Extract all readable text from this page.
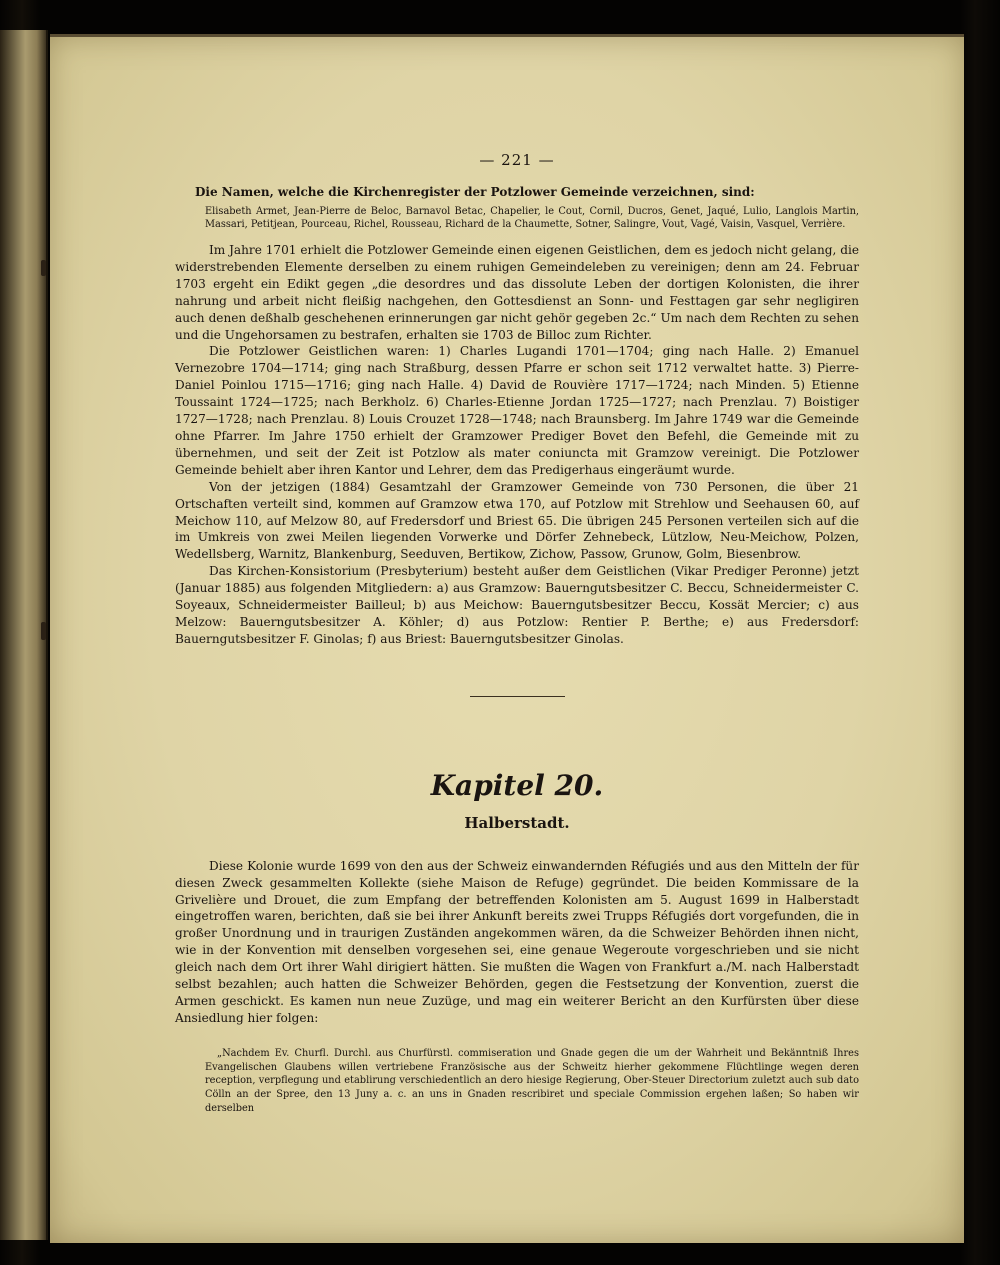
— 221 —

Die Namen, welche die Kirchenregister der Potzlower Gemeinde verzeichnen, sind:

Elisabeth Armet, Jean-Pierre de Beloc, Barnavol Betac, Chapelier, le Cout, Cornil, Ducros, Genet, Jaqué, Lulio, Langlois Martin, Massari, Petitjean, Pourceau, Richel, Rousseau, Richard de la Chaumette, Sotner, Salingre, Vout, Vagé, Vaisin, Vasquel, Verrière.

Im Jahre 1701 erhielt die Potzlower Gemeinde einen eigenen Geistlichen, dem es jedoch nicht gelang, die widerstrebenden Elemente derselben zu einem ruhigen Gemeindeleben zu vereinigen; denn am 24. Februar 1703 ergeht ein Edikt gegen „die desordres und das dissolute Leben der dortigen Kolonisten, die ihrer nahrung und arbeit nicht fleißig nachgehen, den Gottesdienst an Sonn- und Festtagen gar sehr negligiren auch denen deßhalb geschehenen erinnerungen gar nicht gehör gegeben 2c.“ Um nach dem Rechten zu sehen und die Ungehorsamen zu bestrafen, erhalten sie 1703 de Billoc zum Richter.

Die Potzlower Geistlichen waren: 1) Charles Lugandi 1701—1704; ging nach Halle. 2) Emanuel Vernezobre 1704—1714; ging nach Straßburg, dessen Pfarre er schon seit 1712 verwaltet hatte. 3) Pierre-Daniel Poinlou 1715—1716; ging nach Halle. 4) David de Rouvière 1717—1724; nach Minden. 5) Etienne Toussaint 1724—1725; nach Berkholz. 6) Charles-Etienne Jordan 1725—1727; nach Prenzlau. 7) Boistiger 1727—1728; nach Prenzlau. 8) Louis Crouzet 1728—1748; nach Braunsberg. Im Jahre 1749 war die Gemeinde ohne Pfarrer. Im Jahre 1750 erhielt der Gramzower Prediger Bovet den Befehl, die Gemeinde mit zu übernehmen, und seit der Zeit ist Potzlow als mater coniuncta mit Gramzow vereinigt. Die Potzlower Gemeinde behielt aber ihren Kantor und Lehrer, dem das Predigerhaus eingeräumt wurde.

Von der jetzigen (1884) Gesamtzahl der Gramzower Gemeinde von 730 Personen, die über 21 Ortschaften verteilt sind, kommen auf Gramzow etwa 170, auf Potzlow mit Strehlow und Seehausen 60, auf Meichow 110, auf Melzow 80, auf Fredersdorf und Briest 65. Die übrigen 245 Personen verteilen sich auf die im Umkreis von zwei Meilen liegenden Vorwerke und Dörfer Zehnebeck, Lützlow, Neu-Meichow, Polzen, Wedellsberg, Warnitz, Blankenburg, Seeduven, Bertikow, Zichow, Passow, Grunow, Golm, Biesenbrow.

Das Kirchen-Konsistorium (Presbyterium) besteht außer dem Geistlichen (Vikar Prediger Peronne) jetzt (Januar 1885) aus folgenden Mitgliedern: a) aus Gramzow: Bauerngutsbesitzer C. Beccu, Schneidermeister C. Soyeaux, Schneidermeister Bailleul; b) aus Meichow: Bauerngutsbesitzer Beccu, Kossät Mercier; c) aus Melzow: Bauerngutsbesitzer A. Köhler; d) aus Potzlow: Rentier P. Berthe; e) aus Fredersdorf: Bauerngutsbesitzer F. Ginolas; f) aus Briest: Bauerngutsbesitzer Ginolas.

Kapitel 20.
Halberstadt.

Diese Kolonie wurde 1699 von den aus der Schweiz einwandernden Réfugiés und aus den Mitteln der für diesen Zweck gesammelten Kollekte (siehe Maison de Refuge) gegründet. Die beiden Kommissare de la Grivelière und Drouet, die zum Empfang der betreffenden Kolonisten am 5. August 1699 in Halberstadt eingetroffen waren, berichten, daß sie bei ihrer Ankunft bereits zwei Trupps Réfugiés dort vorgefunden, die in großer Unordnung und in traurigen Zuständen angekommen wären, da die Schweizer Behörden ihnen nicht, wie in der Konvention mit denselben vorgesehen sei, eine genaue Wegeroute vorgeschrieben und sie nicht gleich nach dem Ort ihrer Wahl dirigiert hätten. Sie mußten die Wagen von Frankfurt a./M. nach Halberstadt selbst bezahlen; auch hatten die Schweizer Behörden, gegen die Festsetzung der Konvention, zuerst die Armen geschickt. Es kamen nun neue Zuzüge, und mag ein weiterer Bericht an den Kurfürsten über diese Ansiedlung hier folgen:

„Nachdem Ev. Churfl. Durchl. aus Churfürstl. commiseration und Gnade gegen die um der Wahrheit und Bekänntniß Ihres Evangelischen Glaubens willen vertriebene Französische aus der Schweitz hierher gekommene Flüchtlinge wegen deren reception, verpflegung und etablirung verschiedentlich an dero hiesige Regierung, Ober-Steuer Directorium zuletzt auch sub dato Cölln an der Spree, den 13 Juny a. c. an uns in Gnaden rescribiret und speciale Commission ergehen laßen; So haben wir derselben
